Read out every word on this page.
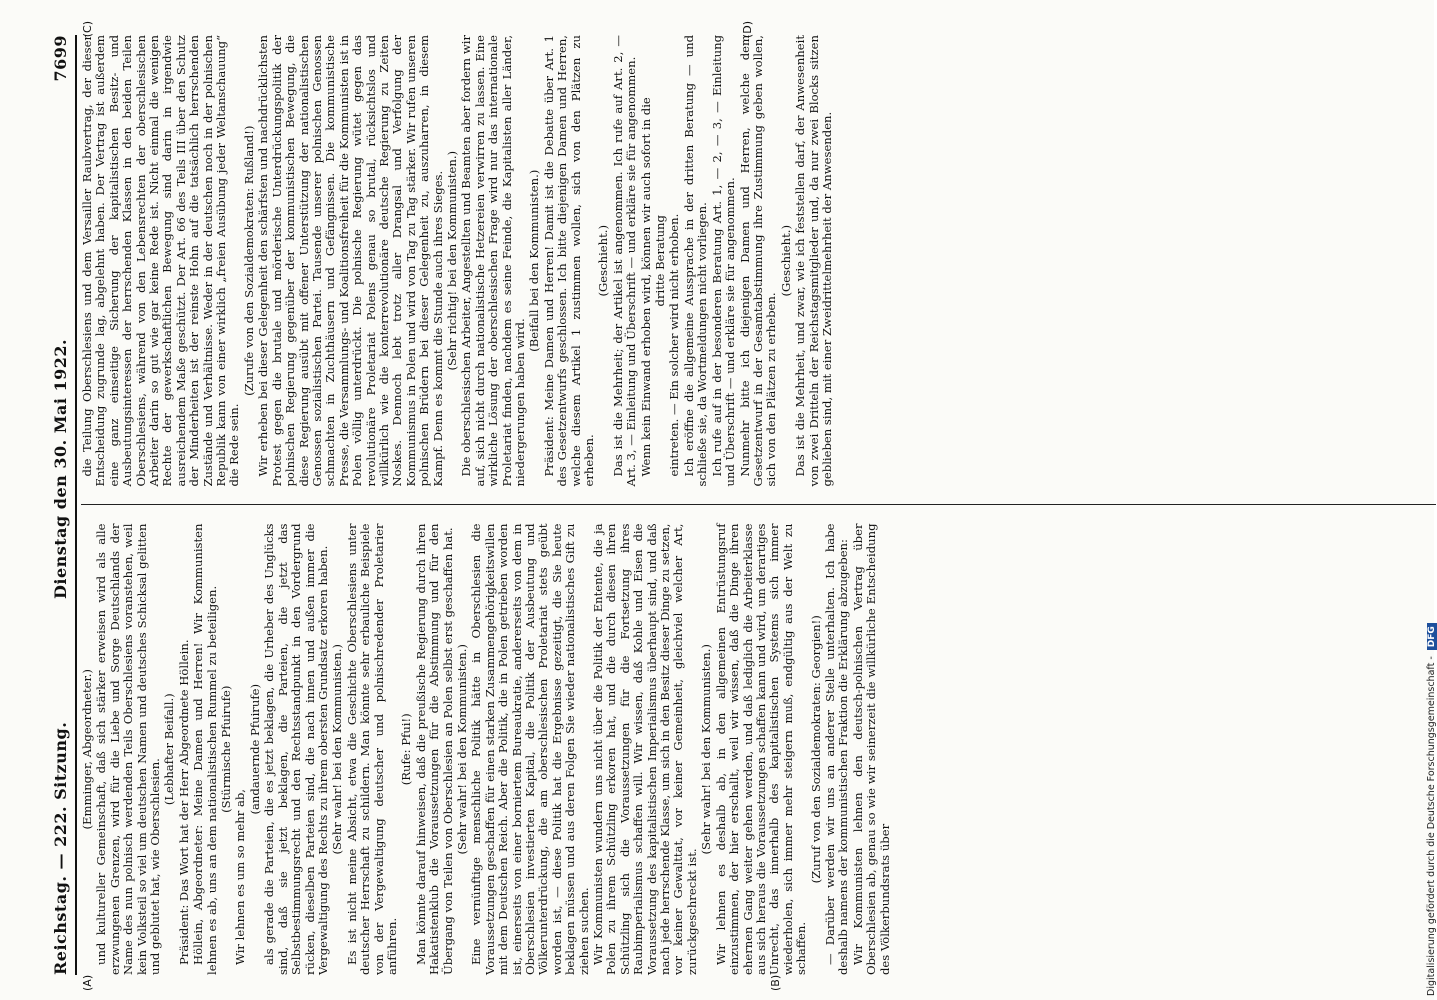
Reichstag. — 222. Sitzung.
Dienstag den 30. Mai 1922.
7699
(A)	(B)

(Emminger, Abgeordneter.) und kultureller Gemeinschaft, daß sich stärker erweisen wird als alle erzwungenen Grenzen, wird für die Liebe und Sorge Deutschlands der Name des nun polnisch werdenden Teils Oberschlesiens voranstehen, weil kein Volksteil so viel um deutschen Namen und deutsches Schicksal gelitten und geblutet hat, wie Oberschlesien.

(Lebhafter Beifall.) Präsident: Das Wort hat der Herr Abgeordnete Höllein. Höllein, Abgeordneter: Meine Damen und Herren! Wir Kommunisten lehnen es ab, uns an dem nationalistischen Rummel zu beteiligen. (Stürmische Pfuirufe)

Wir lehnen es um so mehr ab,

(andauernde Pfuirufe) als gerade die Parteien, die es jetzt beklagen, die Urheber des Unglücks sind, daß sie jetzt beklagen, die Parteien, die jetzt das Selbstbestimmungsrecht und den Rechtsstandpunkt in den Vordergrund rücken, dieselben Parteien sind, die nach innen und außen immer die Vergewaltigung des Rechts zu ihrem obersten Grundsatz erkoren haben. (Sehr wahr! bei den Kommunisten.) Es ist nicht meine Absicht, etwa die Geschichte Oberschlesiens unter deutscher Herrschaft zu schildern. Man könnte sehr erbauliche Beispiele von der Vergewaltigung deutscher und polnischredender Proletarier anführen.

(Rufe: Pfui!) Man könnte darauf hinweisen, daß die preußische Regierung durch ihren Hakatistenklub die Voraussetzungen für die Abstimmung und für den Übergang von Teilen von Oberschlesien an Polen selbst erst geschaffen hat. (Sehr wahr! bei den Kommunisten.) Eine vernünftige menschliche Politik hätte in Oberschlesien die Voraussetzungen geschaffen für einen starken Zusammengehörigkeitswillen mit dem Deutschen Reich. Aber die Politik, die in Polen getrieben worden ist, einerseits von einer borniertem Bureaukratie, andererseits von dem in Oberschlesien investierten Kapital, die Politik der Ausbeutung und Völkerunterdrückung, die am oberschlesischen Proletariat stets geübt worden ist, — diese Politik hat die Ergebnisse gezeitigt, die Sie heute beklagen müssen und aus deren Folgen Sie wieder nationalistisches Gift zu ziehen suchen. Wir Kommunisten wundern uns nicht über die Politik der Entente, die ja Polen zu ihrem Schützling erkoren hat, und die durch diesen ihren Schützling sich die Voraussetzungen für die Fortsetzung ihres Raubimperialismus schaffen will. Wir wissen, daß Kohle und Eisen die Voraussetzung des kapitalistischen Imperialismus überhaupt sind, und daß nach jede herrschende Klasse, um sich in den Besitz dieser Dinge zu setzen, vor keiner Gewalttat, vor keiner Gemeinheit, gleichviel welcher Art, zurückgeschreckt ist.

(Sehr wahr! bei den Kommunisten.) Wir lehnen es deshalb ab, in den allgemeinen Entrüstungsruf einzustimmen, der hier erschallt, weil wir wissen, daß die Dinge ihren ehernen Gang weiter gehen werden, und daß lediglich die Arbeiterklasse aus sich heraus die Voraussetzungen schaffen kann und wird, um derartiges Unrecht, das innerhalb des kapitalistischen Systems sich immer wiederholen, sich immer mehr steigern muß, endgültig aus der Welt zu schaffen.

(Zuruf von den Sozialdemokraten: Georgien!) — Darüber werden wir uns an anderer Stelle unterhalten. Ich habe deshalb namens der kommunistischen Fraktion die Erklärung abzugeben: Wir Kommunisten lehnen den deutsch-polnischen Vertrag über Oberschlesien ab, genau so wie wir seinerzeit die willkürliche Entscheidung des Völkerbundsrats über

(C)	(D)

die Teilung Oberschlesiens und dem Versailler Raubvertrag, der dieser Entscheidung zugrunde lag, abgelehnt haben. Der Vertrag ist außerdem eine ganz einseitige Sicherung der kapitalistischen Besitz- und Ausbeutungsinteressen der herrschenden Klassen in den beiden Teilen Oberschlesiens, während von den Lebensrechten der oberschlesischen Arbeiter darin so gut wie gar keine Rede ist. Nicht einmal die wenigen Rechte der gewerkschaftlichen Bewegung sind darin in irgendwie ausreichendem Maße geschützt. Der Art. 66 des Teils III über den Schutz der Minderheiten ist der reinste Hohn auf die tatsächlich herrschenden Zustände und Verhältnisse. Weder in der deutschen noch in der polnischen Republik kann von einer wirklich „freien Ausübung jeder Weltanschauung“ die Rede sein.

(Zurufe von den Sozialdemokraten: Rußland!) Wir erheben bei dieser Gelegenheit den schärfsten und nachdrücklichsten Protest gegen die brutale und mörderische Unterdrückungspolitik der polnischen Regierung gegenüber der kommunistischen Bewegung, die diese Regierung ausübt mit offener Unterstützung der nationalistischen Genossen sozialistischen Partei. Tausende unserer polnischen Genossen schmachten in Zuchthäusern und Gefängnissen. Die kommunistische Presse, die Versammlungs- und Koalitionsfreiheit für die Kommunisten ist in Polen völlig unterdrückt. Die polnische Regierung wütet gegen das revolutionäre Proletariat Polens genau so brutal, rücksichtslos und willkürlich wie die konterrevolutionäre deutsche Regierung zu Zeiten Noskes. Dennoch lebt trotz aller Drangsal und Verfolgung der Kommunismus in Polen und wird von Tag zu Tag stärker. Wir rufen unseren polnischen Brüdern bei dieser Gelegenheit zu, auszuharren, in diesem Kampf. Denn es kommt die Stunde auch ihres Sieges. (Sehr richtig! bei den Kommunisten.) Die oberschlesischen Arbeiter, Angestellten und Beamten aber fordern wir auf, sich nicht durch nationalistische Hetzereien verwirren zu lassen. Eine wirkliche Lösung der oberschlesischen Frage wird nur das internationale Proletariat finden, nachdem es seine Feinde, die Kapitalisten aller Länder, niedergerungen haben wird.

(Beifall bei den Kommunisten.) Präsident: Meine Damen und Herren! Damit ist die Debatte über Art. 1 des Gesetzentwurfs geschlossen. Ich bitte diejenigen Damen und Herren, welche diesem Artikel 1 zustimmen wollen, sich von den Plätzen zu erheben.

(Geschieht.) Das ist die Mehrheit; der Artikel ist angenommen. Ich rufe auf Art. 2, — Art. 3, — Einleitung und Überschrift — und erkläre sie für angenommen. Wenn kein Einwand erhoben wird, können wir auch sofort in die dritte Beratung eintreten. — Ein solcher wird nicht erhoben. Ich eröffne die allgemeine Aussprache in der dritten Beratung — und schließe sie, da Wortmeldungen nicht vorliegen. Ich rufe auf in der besonderen Beratung Art. 1, — 2, — 3, — Einleitung und Überschrift — und erkläre sie für angenommen. Nunmehr bitte ich diejenigen Damen und Herren, welche dem Gesetzentwurf in der Gesamtabstimmung ihre Zustimmung geben wollen, sich von den Plätzen zu erheben.

(Geschieht.) Das ist die Mehrheit, und zwar, wie ich feststellen darf, der Anwesenheit von zwei Dritteln der Reichstagsmitglieder und, da nur zwei Blocks sitzen geblieben sind, mit einer Zweidrittelmehrheit der Anwesenden.

Digitalisierung gefördert durch die Deutsche Forschungsgemeinschaft -DFG
